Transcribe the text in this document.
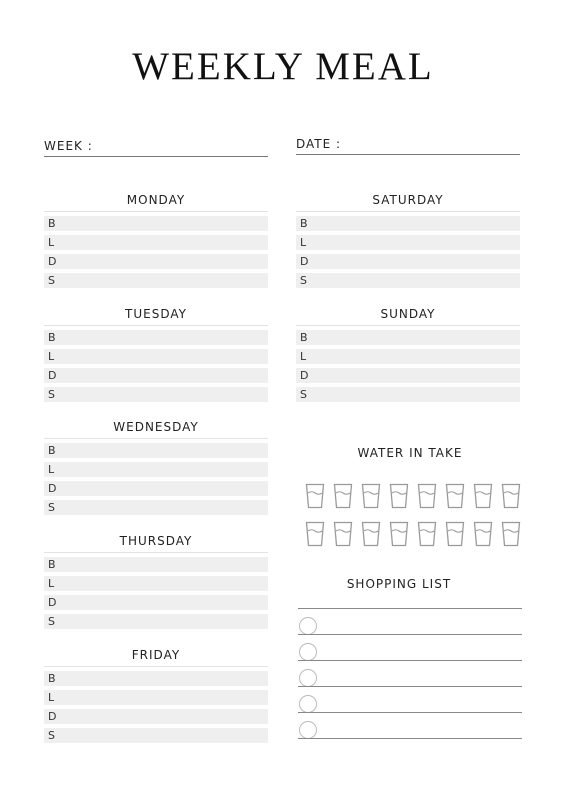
WEEKLY MEAL
WEEK :	DATE :
MONDAY
B
L
D
S
TUESDAY
B
L
D
S
WEDNESDAY
B
L
D
S
THURSDAY
B
L
D
S
FRIDAY
B
L
D
S
SATURDAY
B
L
D
S
SUNDAY
B
L
D
S
WATER IN TAKE
SHOPPING LIST
